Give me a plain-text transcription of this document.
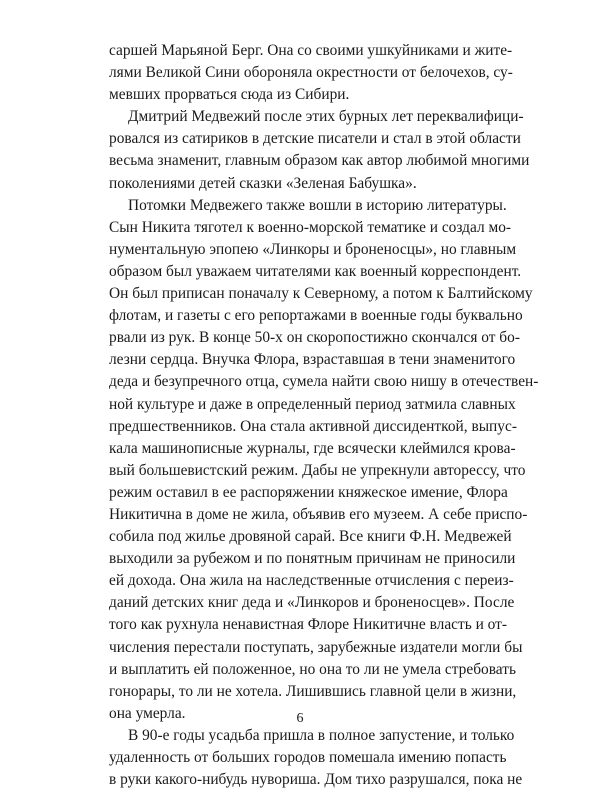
саршей Марьяной Берг. Она со своими ушкуйниками и жите-
лями Великой Сини обороняла окрестности от белочехов, су-
мевших прорваться сюда из Сибири.

Дмитрий Медвежий после этих бурных лет переквалифици-
ровался из сатириков в детские писатели и стал в этой области
весьма знаменит, главным образом как автор любимой многими
поколениями детей сказки «Зеленая Бабушка».

Потомки Медвежего также вошли в историю литературы.
Сын Никита тяготел к военно-морской тематике и создал мо-
нументальную эпопею «Линкоры и броненосцы», но главным
образом был уважаем читателями как военный корреспондент.
Он был приписан поначалу к Северному, а потом к Балтийскому
флотам, и газеты с его репортажами в военные годы буквально
рвали из рук. В конце 50-х он скоропостижно скончался от бо-
лезни сердца. Внучка Флора, взраставшая в тени знаменитого
деда и безупречного отца, сумела найти свою нишу в отечествен-
ной культуре и даже в определенный период затмила славных
предшественников. Она стала активной диссиденткой, выпус-
кала машинописные журналы, где всячески клеймился крова-
вый большевистский режим. Дабы не упрекнули авторессу, что
режим оставил в ее распоряжении княжеское имение, Флора
Никитична в доме не жила, объявив его музеем. А себе приспо-
собила под жилье дровяной сарай. Все книги Ф.Н. Медвежей
выходили за рубежом и по понятным причинам не приносили
ей дохода. Она жила на наследственные отчисления с переиз-
даний детских книг деда и «Линкоров и броненосцев». После
того как рухнула ненавистная Флоре Никитичне власть и от-
числения перестали поступать, зарубежные издатели могли бы
и выплатить ей положенное, но она то ли не умела стребовать
гонорары, то ли не хотела. Лишившись главной цели в жизни,
она умерла.

В 90-е годы усадьба пришла в полное запустение, и только
удаленность от больших городов помешала имению попасть
в руки какого-нибудь нувориша. Дом тихо разрушался, пока не

6
